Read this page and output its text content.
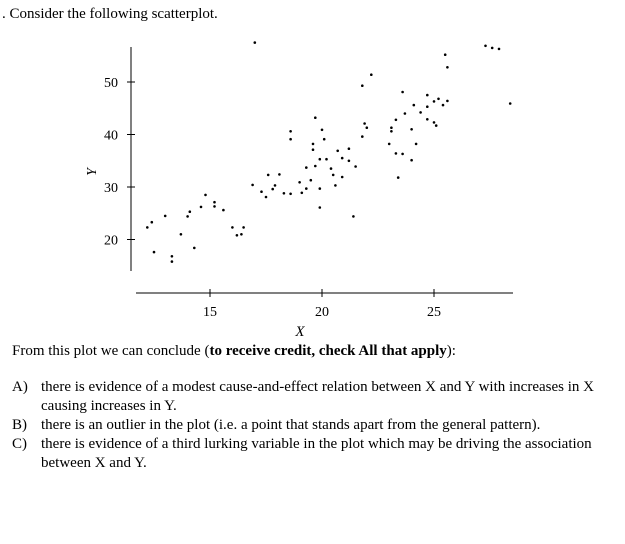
. Consider the following scatterplot.
20
30
40
50
15	20	25
X
Y
From this plot we can conclude (to receive credit, check All that apply):
A) there is evidence of a modest cause-and-effect relation between X and Y with increases in X causing increases in Y.
B) there is an outlier in the plot (i.e. a point that stands apart from the general pattern).
C) there is evidence of a third lurking variable in the plot which may be driving the association between X and Y.
